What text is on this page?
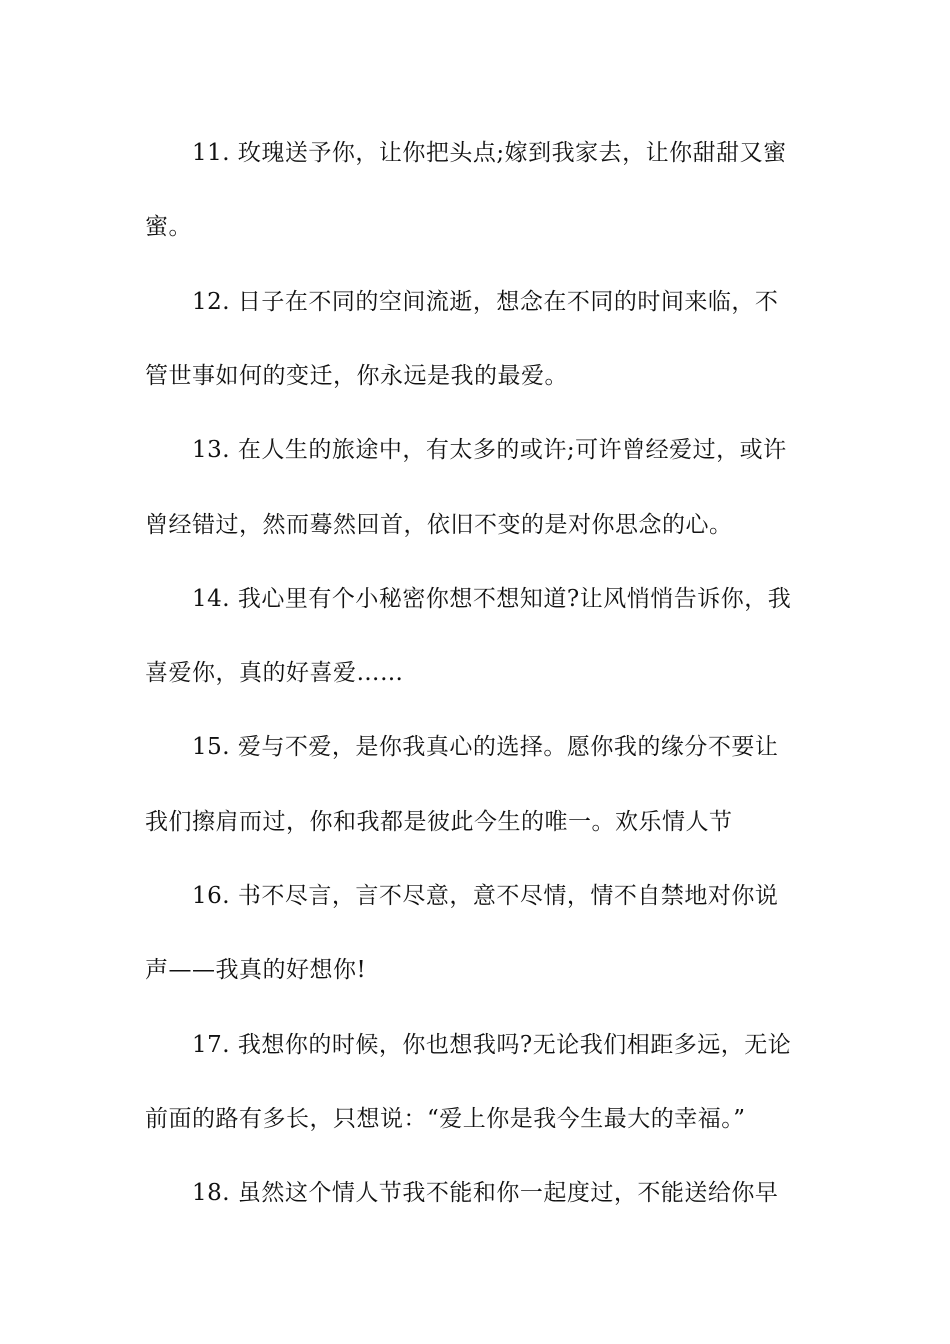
11. 玫瑰送予你，让你把头点;嫁到我家去，让你甜甜又蜜
蜜。
12. 日子在不同的空间流逝，想念在不同的时间来临，不
管世事如何的变迁，你永远是我的最爱。
13. 在人生的旅途中，有太多的或许;可许曾经爱过，或许
曾经错过，然而蓦然回首，依旧不变的是对你思念的心。
14. 我心里有个小秘密你想不想知道?让风悄悄告诉你，我
喜爱你，真的好喜爱……
15. 爱与不爱，是你我真心的选择。愿你我的缘分不要让
我们擦肩而过，你和我都是彼此今生的唯一。欢乐情人节
16. 书不尽言，言不尽意，意不尽情，情不自禁地对你说
声——我真的好想你!
17. 我想你的时候，你也想我吗?无论我们相距多远，无论
前面的路有多长，只想说：“爱上你是我今生最大的幸福。”
18. 虽然这个情人节我不能和你一起度过，不能送给你早
